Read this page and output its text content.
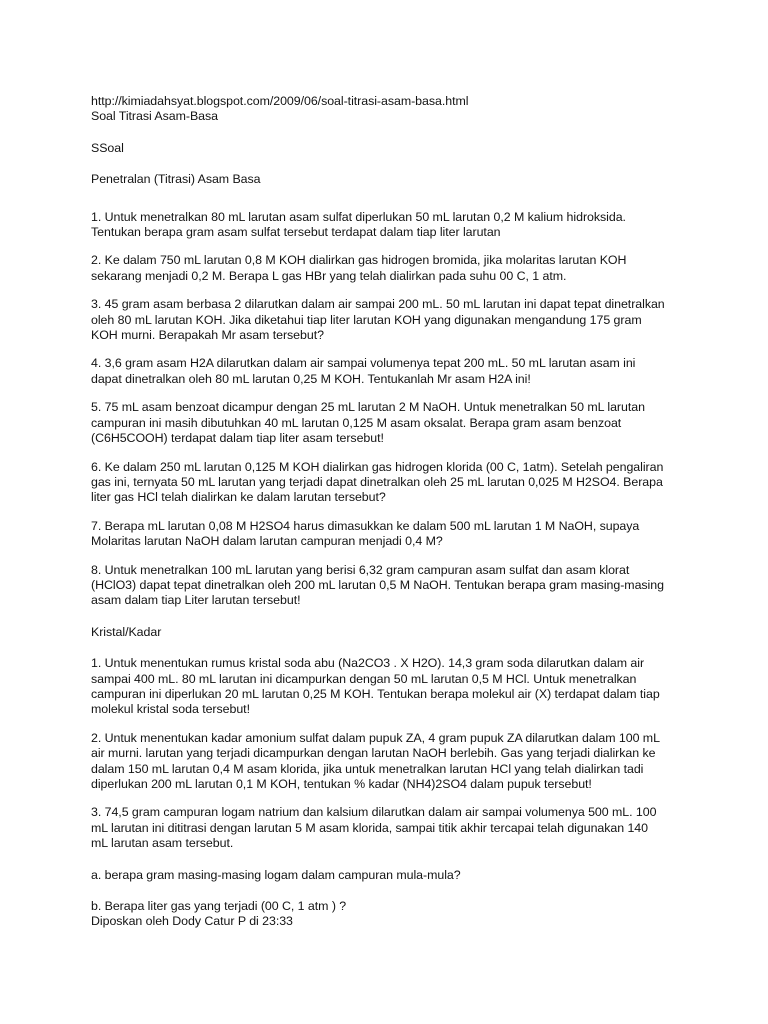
http://kimiadahsyat.blogspot.com/2009/06/soal-titrasi-asam-basa.html
Soal Titrasi Asam-Basa
SSoal
Penetralan (Titrasi) Asam Basa
1. Untuk menetralkan 80 mL larutan asam sulfat diperlukan 50 mL larutan 0,2 M kalium hidroksida.
Tentukan berapa gram asam sulfat tersebut terdapat dalam tiap liter larutan
2. Ke dalam 750 mL larutan 0,8 M KOH dialirkan gas hidrogen bromida, jika molaritas larutan KOH
sekarang menjadi 0,2 M. Berapa L gas HBr yang telah dialirkan pada suhu 00 C, 1 atm.
3. 45 gram asam berbasa 2 dilarutkan dalam air sampai 200 mL. 50 mL larutan ini dapat tepat dinetralkan
oleh 80 mL larutan KOH. Jika diketahui tiap liter larutan KOH yang digunakan mengandung 175 gram
KOH murni. Berapakah Mr asam tersebut?
4. 3,6 gram asam H2A dilarutkan dalam air sampai volumenya tepat 200 mL. 50 mL larutan asam ini
dapat dinetralkan oleh 80 mL larutan 0,25 M KOH. Tentukanlah Mr asam H2A ini!
5. 75 mL asam benzoat dicampur dengan 25 mL larutan 2 M NaOH. Untuk menetralkan 50 mL larutan
campuran ini masih dibutuhkan 40 mL larutan 0,125 M asam oksalat. Berapa gram asam benzoat
(C6H5COOH) terdapat dalam tiap liter asam tersebut!
6. Ke dalam 250 mL larutan 0,125 M KOH dialirkan gas hidrogen klorida (00 C, 1atm). Setelah pengaliran
gas ini, ternyata 50 mL larutan yang terjadi dapat dinetralkan oleh 25 mL larutan 0,025 M H2SO4. Berapa
liter gas HCl telah dialirkan ke dalam larutan tersebut?
7. Berapa mL larutan 0,08 M H2SO4 harus dimasukkan ke dalam 500 mL larutan 1 M NaOH, supaya
Molaritas larutan NaOH dalam larutan campuran menjadi 0,4 M?
8. Untuk menetralkan 100 mL larutan yang berisi 6,32 gram campuran asam sulfat dan asam klorat
(HClO3) dapat tepat dinetralkan oleh 200 mL larutan 0,5 M NaOH. Tentukan berapa gram masing-masing
asam dalam tiap Liter larutan tersebut!
Kristal/Kadar
1. Untuk menentukan rumus kristal soda abu (Na2CO3 . X H2O). 14,3 gram soda dilarutkan dalam air
sampai 400 mL. 80 mL larutan ini dicampurkan dengan 50 mL larutan 0,5 M HCl. Untuk menetralkan
campuran ini diperlukan 20 mL larutan 0,25 M KOH. Tentukan berapa molekul air (X) terdapat dalam tiap
molekul kristal soda tersebut!
2. Untuk menentukan kadar amonium sulfat dalam pupuk ZA, 4 gram pupuk ZA dilarutkan dalam 100 mL
air murni. larutan yang terjadi dicampurkan dengan larutan NaOH berlebih. Gas yang terjadi dialirkan ke
dalam 150 mL larutan 0,4 M asam klorida, jika untuk menetralkan larutan HCl yang telah dialirkan tadi
diperlukan 200 mL larutan 0,1 M KOH, tentukan % kadar (NH4)2SO4 dalam pupuk tersebut!
3. 74,5 gram campuran logam natrium dan kalsium dilarutkan dalam air sampai volumenya 500 mL. 100
mL larutan ini dititrasi dengan larutan 5 M asam klorida, sampai titik akhir tercapai telah digunakan 140
mL larutan asam tersebut.
a. berapa gram masing-masing logam dalam campuran mula-mula?
b. Berapa liter gas yang terjadi (00 C, 1 atm ) ?
Diposkan oleh Dody Catur P di 23:33
